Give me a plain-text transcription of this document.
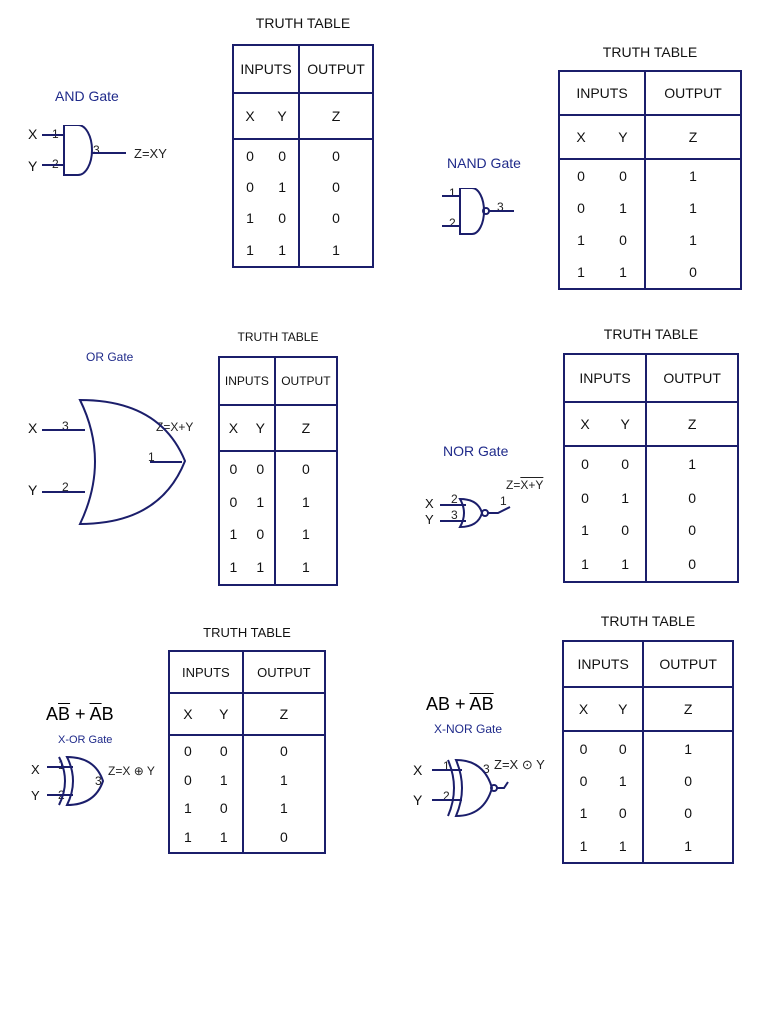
AND Gate
X
Y
1
2
3	Z=XY
INPUTS	OUTPUT
X Y	Z
0 0	0
0 1	0
1 0	0
1 1	1
TRUTH TABLE
NAND Gate
1
2
3
INPUTS	OUTPUT
X Y	Z
0 0	1
0 1	1
1 0	1
1 1	0
TRUTH TABLE
OR Gate
X
Y
3
2
1
Z=X+Y
INPUTS	OUTPUT
X Y	Z
0 0	0
0 1	1
1 0	1
1 1	1
TRUTH TABLE
NOR Gate
X
Y
2
3
1
Z=X+Y
INPUTS	OUTPUT
X Y	Z
0 0	1
0 1	0
1 0	0
1 1	0
TRUTH TABLE
$A\overline{B} + \overline{A}B$
X-OR Gate
X
Y
1
2
3
Z=X ⊕ Y
INPUTS	OUTPUT
X Y	Z
0 0	0
0 1	1
1 0	1
1 1	0
TRUTH TABLE
AB + $\overline{A}\overline{B}$
X-NOR Gate
X
Y
1
2
3 Z=X ⊙ Y
INPUTS	OUTPUT
X Y	Z
0 0	1
0 1	0
1 0	0
1 1	1
TRUTH TABLE
